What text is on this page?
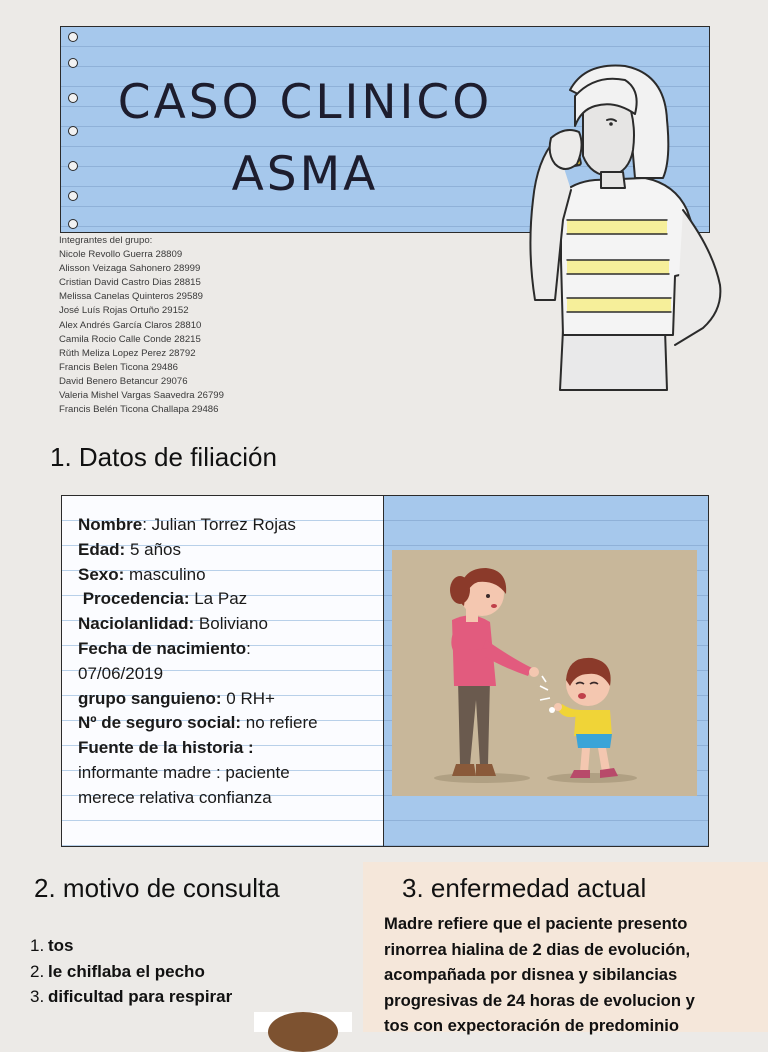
CASO CLINICO
ASMA
Integrantes del grupo:
Nicole Revollo Guerra 28809
Alisson Veizaga Sahonero 28999
Cristian David Castro Dias 28815
Melissa Canelas Quinteros 29589
José Luís Rojas Ortuño 29152
Alex Andrés García Claros 28810
Camila Rocio Calle Conde 28215
Rǔth Meliza Lopez Perez 28792
Francis Belen Ticona 29486
David Benero Betancur 29076
Valeria Mishel Vargas Saavedra 26799
Francis Belén Ticona Challapa 29486
1. Datos de filiación
Nombre: Julian Torrez Rojas
Edad: 5 años
Sexo: masculino
Procedencia: La Paz
Naciolanlidad: Boliviano
Fecha de nacimiento:
07/06/2019
grupo sanguieno: 0 RH+
Nº de seguro social: no refiere
Fuente de la historia :
informante madre : paciente
merece relativa confianza
2. motivo de consulta
1. tos
2. le chiflaba el pecho
3. dificultad para respirar
3. enfermedad actual
Madre refiere que el paciente presento
rinorrea hialina de 2 dias de evolución,
acompañada por disnea y sibilancias
progresivas de 24 horas de evolucion y
tos con expectoración de predominio
